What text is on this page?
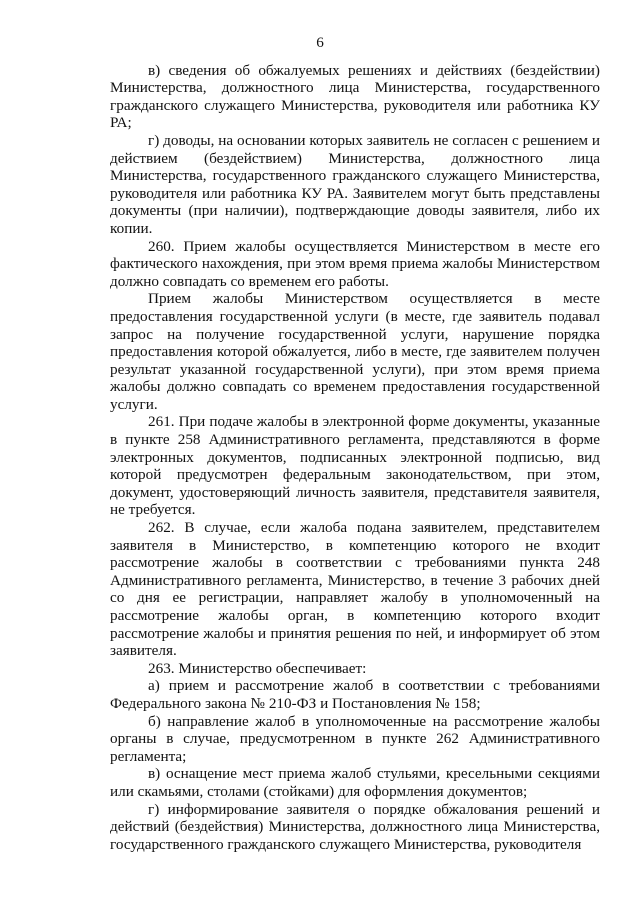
6

в) сведения об обжалуемых решениях и действиях (бездействии) Министерства, должностного лица Министерства, государственного гражданского служащего Министерства, руководителя или работника КУ РА;

г) доводы, на основании которых заявитель не согласен с решением и действием (бездействием) Министерства, должностного лица Министерства, государственного гражданского служащего Министерства, руководителя или работника КУ РА. Заявителем могут быть представлены документы (при наличии), подтверждающие доводы заявителя, либо их копии.

260. Прием жалобы осуществляется Министерством в месте его фактического нахождения, при этом время приема жалобы Министерством должно совпадать со временем его работы.

Прием жалобы Министерством осуществляется в месте предоставления государственной услуги (в месте, где заявитель подавал запрос на получение государственной услуги, нарушение порядка предоставления которой обжалуется, либо в месте, где заявителем получен результат указанной государственной услуги), при этом время приема жалобы должно совпадать со временем предоставления государственной услуги.

261. При подаче жалобы в электронной форме документы, указанные в пункте 258 Административного регламента, представляются в форме электронных документов, подписанных электронной подписью, вид которой предусмотрен федеральным законодательством, при этом, документ, удостоверяющий личность заявителя, представителя заявителя, не требуется.

262. В случае, если жалоба подана заявителем, представителем заявителя в Министерство, в компетенцию которого не входит рассмотрение жалобы в соответствии с требованиями пункта 248 Административного регламента, Министерство, в течение 3 рабочих дней со дня ее регистрации, направляет жалобу в уполномоченный на рассмотрение жалобы орган, в компетенцию которого входит рассмотрение жалобы и принятия решения по ней, и информирует об этом заявителя.

263. Министерство обеспечивает:

а) прием и рассмотрение жалоб в соответствии с требованиями Федерального закона № 210-ФЗ и Постановления № 158;

б) направление жалоб в уполномоченные на рассмотрение жалобы органы в случае, предусмотренном в пункте 262 Административного регламента;

в) оснащение мест приема жалоб стульями, кресельными секциями или скамьями, столами (стойками) для оформления документов;

г) информирование заявителя о порядке обжалования решений и действий (бездействия) Министерства, должностного лица Министерства, государственного гражданского служащего Министерства, руководителя
